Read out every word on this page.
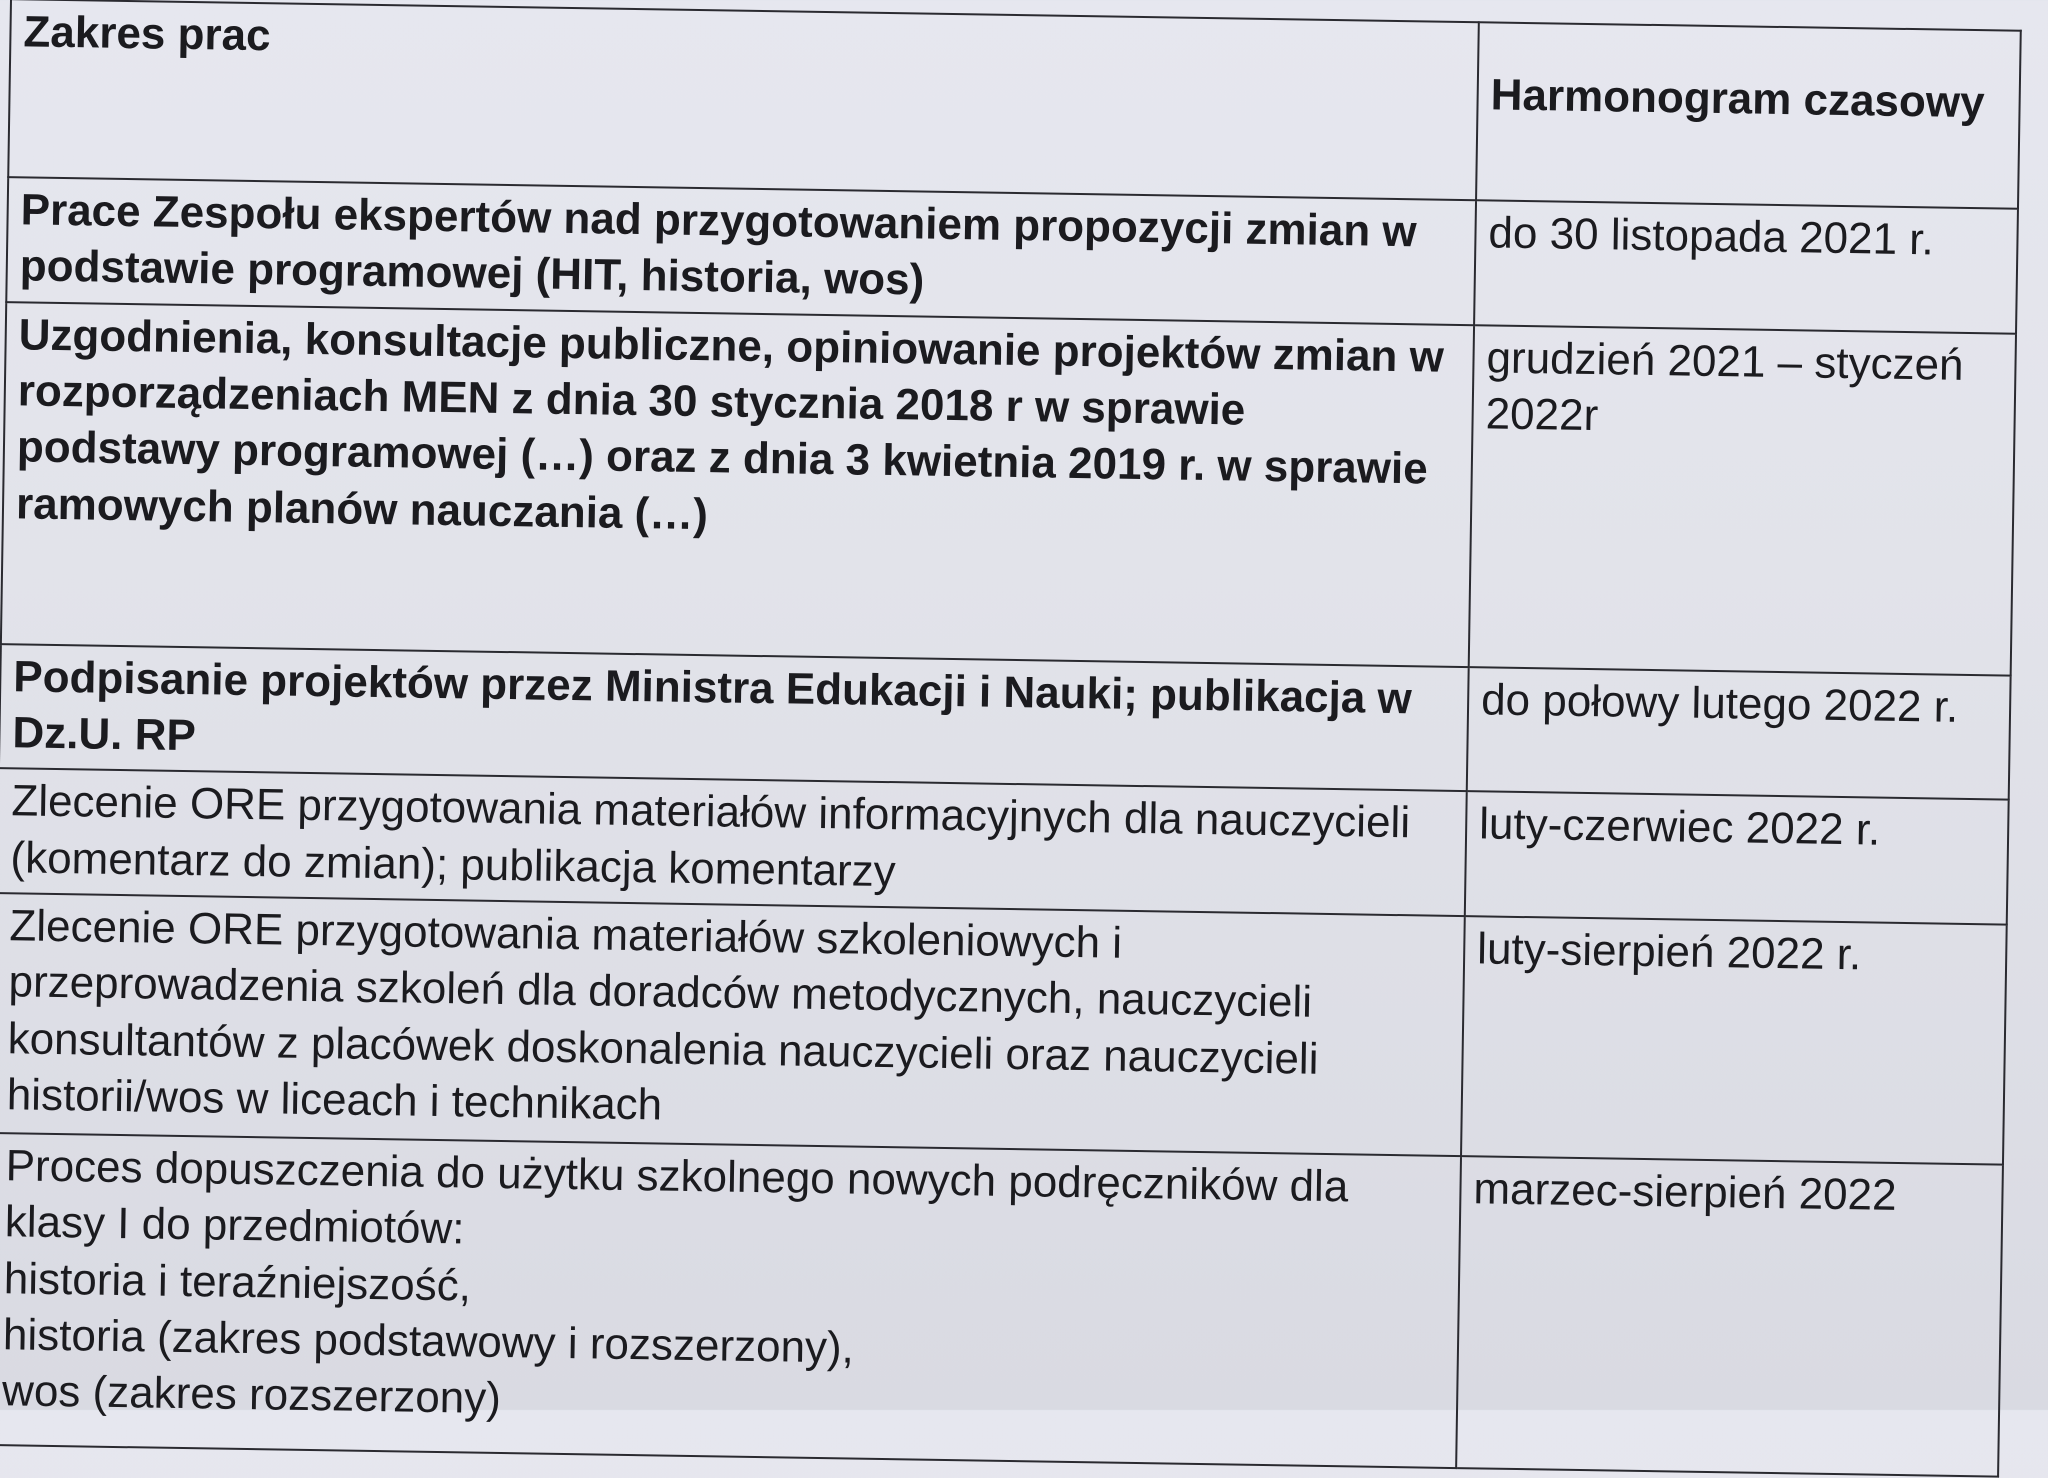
Zakres prac	Harmonogram czasowy
Prace Zespołu ekspertów nad przygotowaniem propozycji zmian w podstawie programowej (HIT, historia, wos)	do 30 listopada 2021 r.
Uzgodnienia, konsultacje publiczne, opiniowanie projektów zmian w rozporządzeniach MEN z dnia 30 stycznia 2018 r w sprawie podstawy programowej (…) oraz z dnia 3 kwietnia 2019 r. w sprawie ramowych planów nauczania (…)	grudzień 2021 – styczeń 2022r
Podpisanie projektów przez Ministra Edukacji i Nauki; publikacja w Dz.U. RP	do połowy lutego 2022 r.
Zlecenie ORE przygotowania materiałów informacyjnych dla nauczycieli (komentarz do zmian); publikacja komentarzy	luty-czerwiec 2022 r.
Zlecenie ORE przygotowania materiałów szkoleniowych i przeprowadzenia szkoleń dla doradców metodycznych, nauczycieli konsultantów z placówek doskonalenia nauczycieli oraz nauczycieli historii/wos w liceach i technikach	luty-sierpień 2022 r.
Proces dopuszczenia do użytku szkolnego nowych podręczników dla klasy I do przedmiotów:
historia i teraźniejszość,
historia (zakres podstawowy i rozszerzony),
wos (zakres rozszerzony)	marzec-sierpień 2022
